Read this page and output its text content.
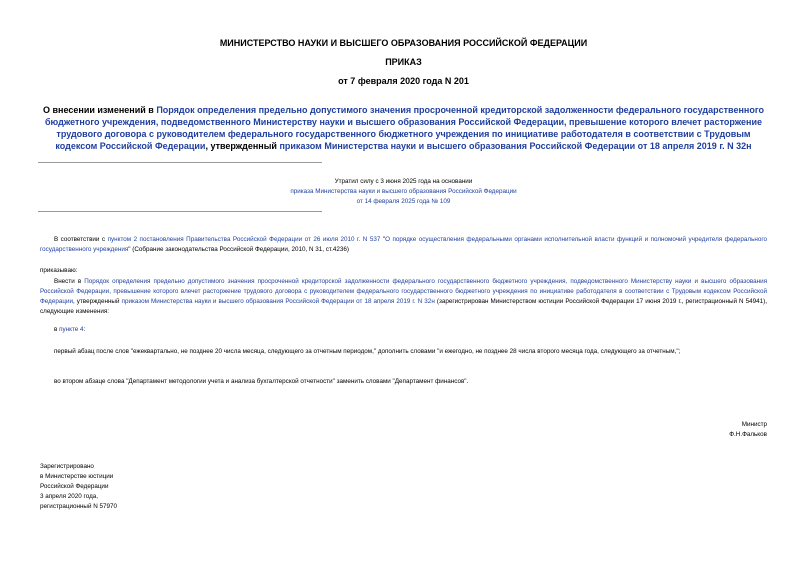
МИНИСТЕРСТВО НАУКИ И ВЫСШЕГО ОБРАЗОВАНИЯ РОССИЙСКОЙ ФЕДЕРАЦИИ
ПРИКАЗ
от 7 февраля 2020 года N 201
О внесении изменений в Порядок определения предельно допустимого значения просроченной кредиторской задолженности федерального государственного бюджетного учреждения, подведомственного Министерству науки и высшего образования Российской Федерации, превышение которого влечет расторжение трудового договора с руководителем федерального государственного бюджетного учреждения по инициативе работодателя в соответствии с Трудовым кодексом Российской Федерации, утвержденный приказом Министерства науки и высшего образования Российской Федерации от 18 апреля 2019 г. N 32н
Утратил силу с 3 июня 2025 года на основании
приказа Министерства науки и высшего образования Российской Федерации
от 14 февраля 2025 года № 109
В соответствии с пунктом 2 постановления Правительства Российской Федерации от 26 июля 2010 г. N 537 "О порядке осуществления федеральными органами исполнительной власти функций и полномочий учредителя федерального государственного учреждения" (Собрание законодательства Российской Федерации, 2010, N 31, ст.4236)
приказываю:
Внести в Порядок определения предельно допустимого значения просроченной кредиторской задолженности федерального государственного бюджетного учреждения, подведомственного Министерству науки и высшего образования Российской Федерации, превышение которого влечет расторжение трудового договора с руководителем федерального государственного бюджетного учреждения по инициативе работодателя в соответствии с Трудовым кодексом Российской Федерации, утвержденный приказом Министерства науки и высшего образования Российской Федерации от 18 апреля 2019 г. N 32н (зарегистрирован Министерством юстиции Российской Федерации 17 июня 2019 г., регистрационный N 54941), следующие изменения:
в пункте 4:
первый абзац после слов "ежеквартально, не позднее 20 числа месяца, следующего за отчетным периодом," дополнить словами "и ежегодно, не позднее 28 числа второго месяца года, следующего за отчетным,";
во втором абзаце слова "Департамент методологии учета и анализа бухгалтерской отчетности" заменить словами "Департамент финансов".
Министр
Ф.Н.Фальков
Зарегистрировано
в Министерстве юстиции
Российской Федерации
3 апреля 2020 года,
регистрационный N 57970
